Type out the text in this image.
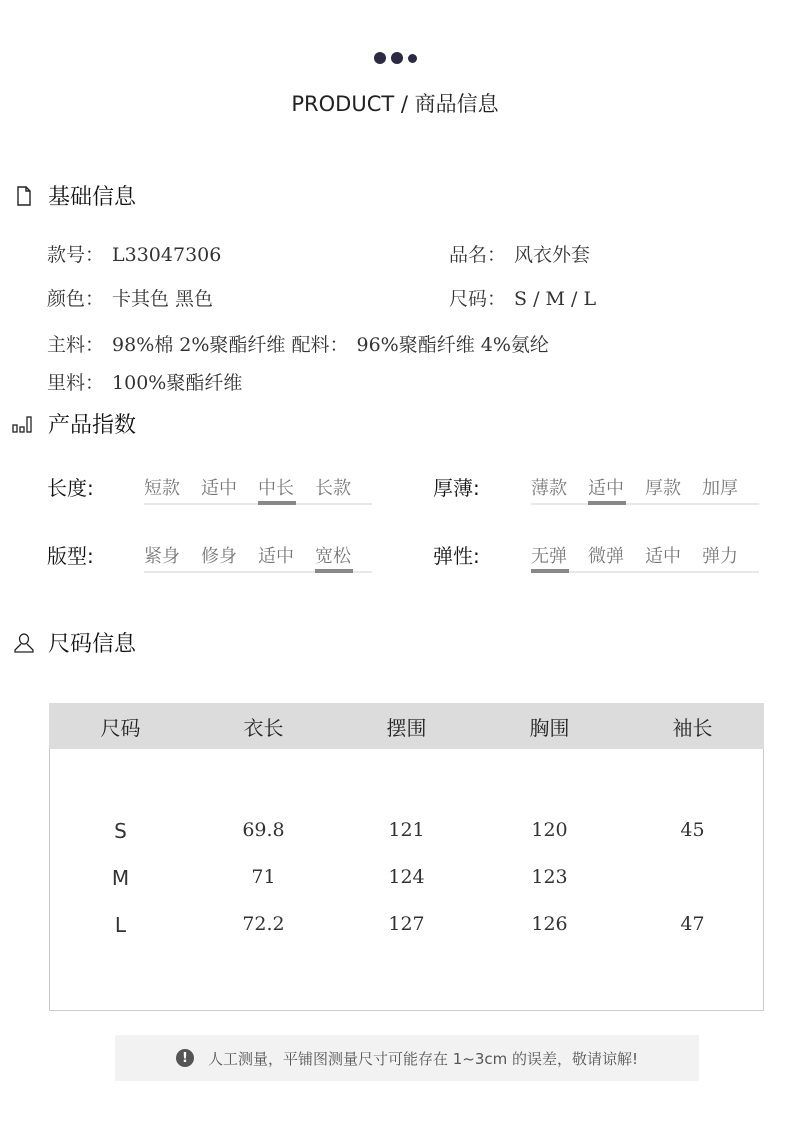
PRODUCT / 商品信息
基础信息
款号： L33047306	品名： 风衣外套
颜色： 卡其色 黑色	尺码： S / M / L
主料： 98%棉 2%聚酯纤维 配料： 96%聚酯纤维 4%氨纶
里料： 100%聚酯纤维
产品指数
长度:	短款	适中	中长	长款	厚薄:	薄款	适中	厚款	加厚
版型:	紧身	修身	适中	宽松	弹性:	无弹	微弹	适中	弹力
尺码信息
尺码	衣长	摆围	胸围	袖长
S	69.8	121	120	45
M	71	124	123
L	72.2	127	126	47
!	人工测量，平铺图测量尺寸可能存在 1~3cm 的误差，敬请谅解!
